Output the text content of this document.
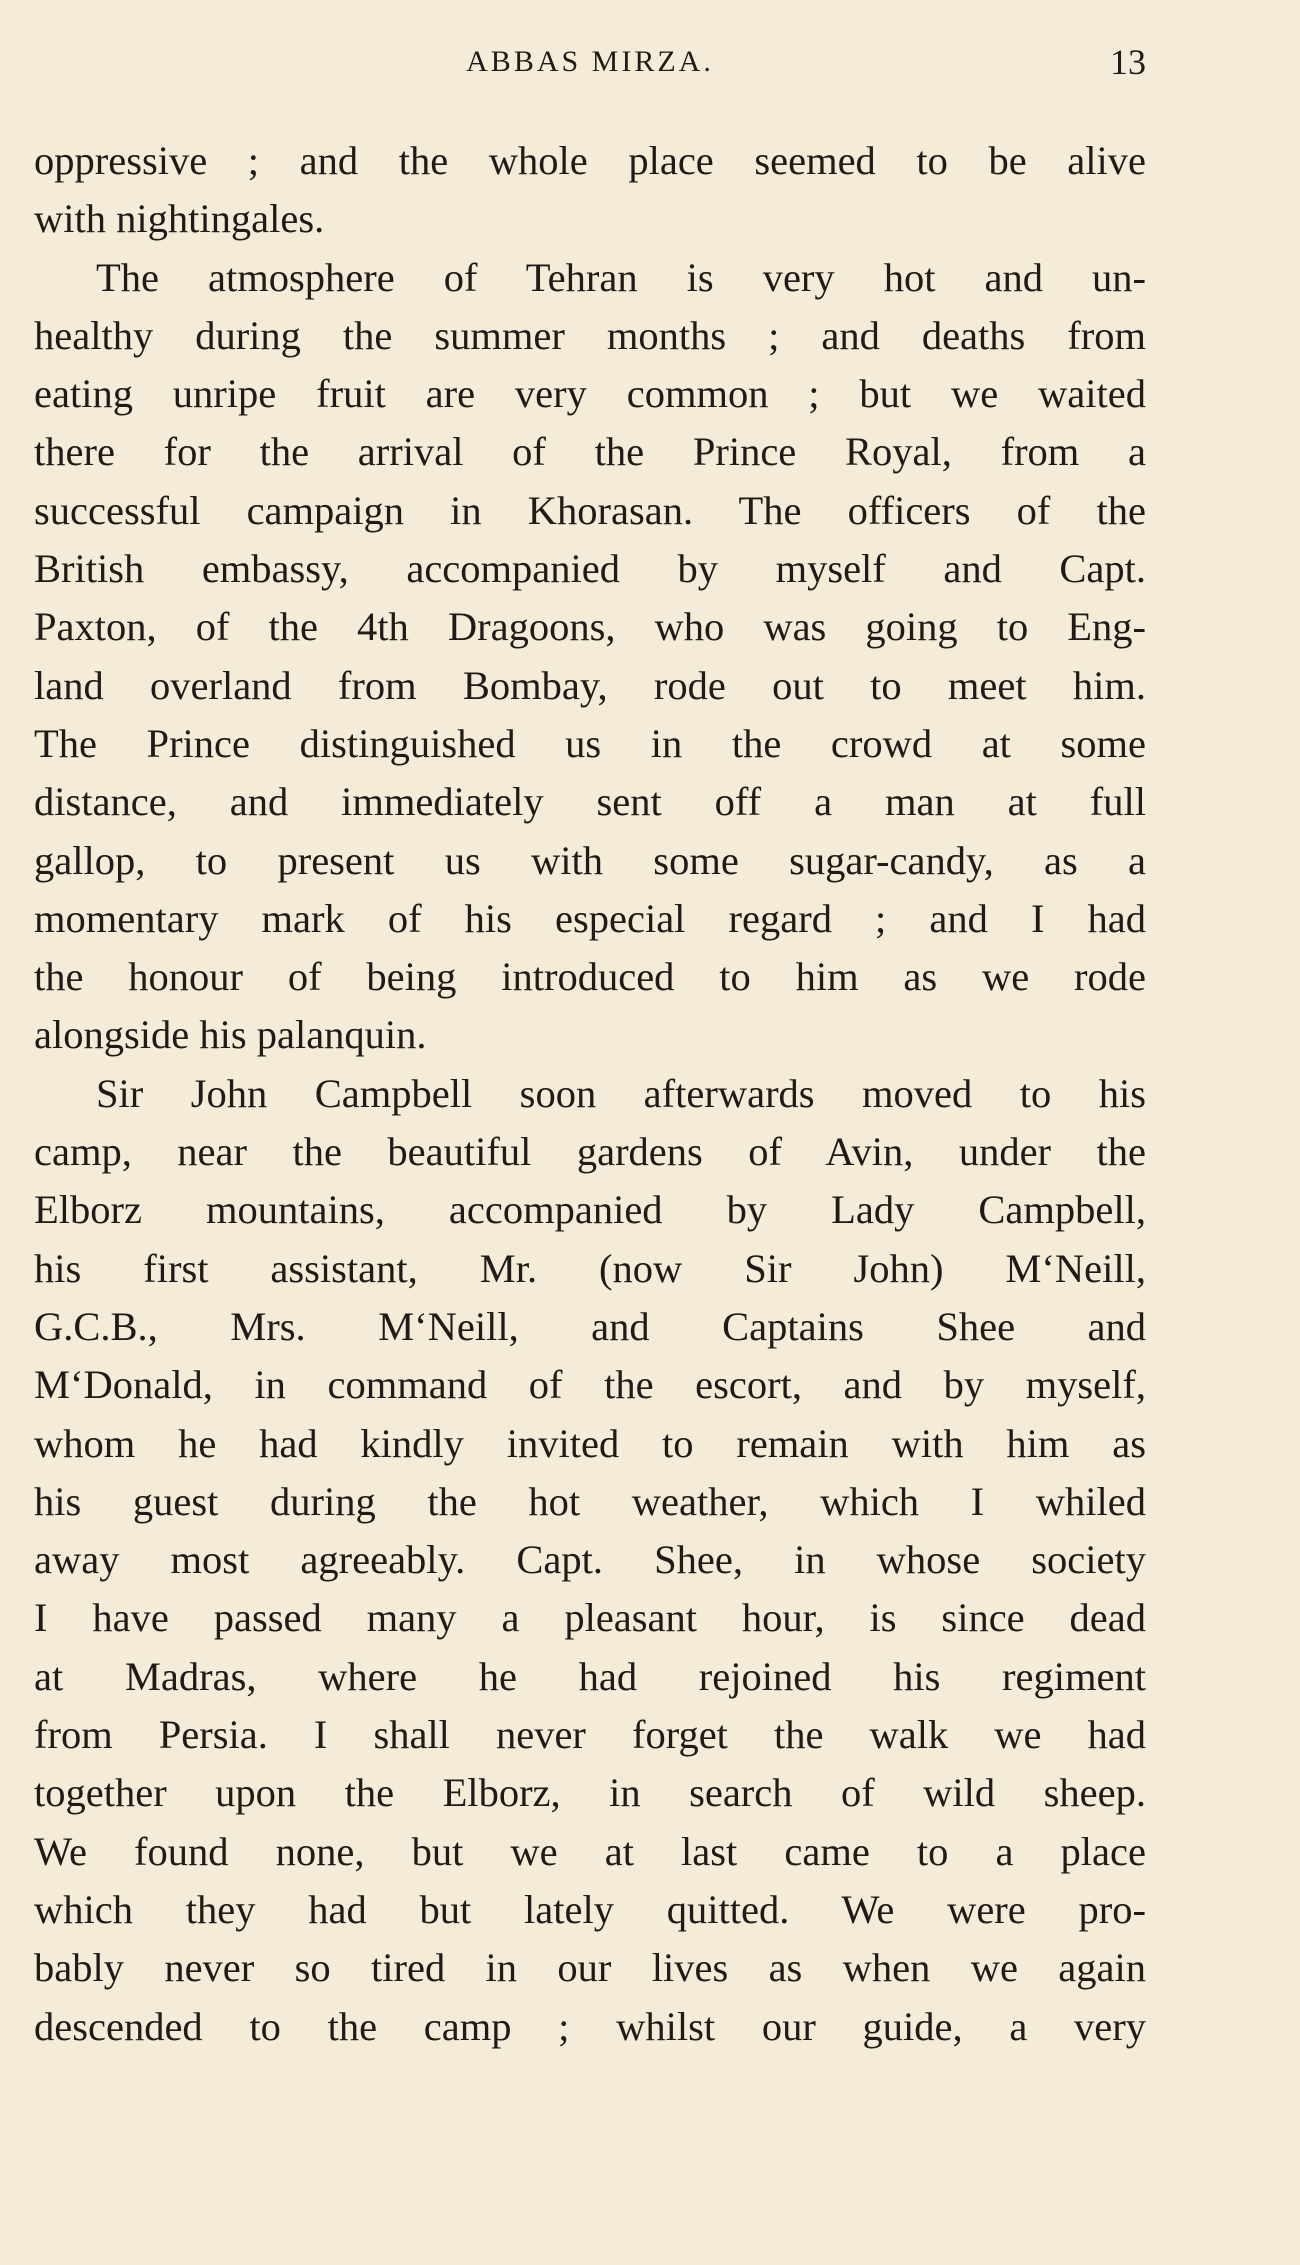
ABBAS MIRZA.	13
oppressive ; and the whole place seemed to be alive
with nightingales.
The atmosphere of Tehran is very hot and un-
healthy during the summer months ; and deaths from
eating unripe fruit are very common ; but we waited
there for the arrival of the Prince Royal, from a
successful campaign in Khorasan. The officers of the
British embassy, accompanied by myself and Capt.
Paxton, of the 4th Dragoons, who was going to Eng-
land overland from Bombay, rode out to meet him.
The Prince distinguished us in the crowd at some
distance, and immediately sent off a man at full
gallop, to present us with some sugar-candy, as a
momentary mark of his especial regard ; and I had
the honour of being introduced to him as we rode
alongside his palanquin.
Sir John Campbell soon afterwards moved to his
camp, near the beautiful gardens of Avin, under the
Elborz mountains, accompanied by Lady Campbell,
his first assistant, Mr. (now Sir John) M‘Neill,
G.C.B., Mrs. M‘Neill, and Captains Shee and
M‘Donald, in command of the escort, and by myself,
whom he had kindly invited to remain with him as
his guest during the hot weather, which I whiled
away most agreeably. Capt. Shee, in whose society
I have passed many a pleasant hour, is since dead
at Madras, where he had rejoined his regiment
from Persia. I shall never forget the walk we had
together upon the Elborz, in search of wild sheep.
We found none, but we at last came to a place
which they had but lately quitted. We were pro-
bably never so tired in our lives as when we again
descended to the camp ; whilst our guide, a very
